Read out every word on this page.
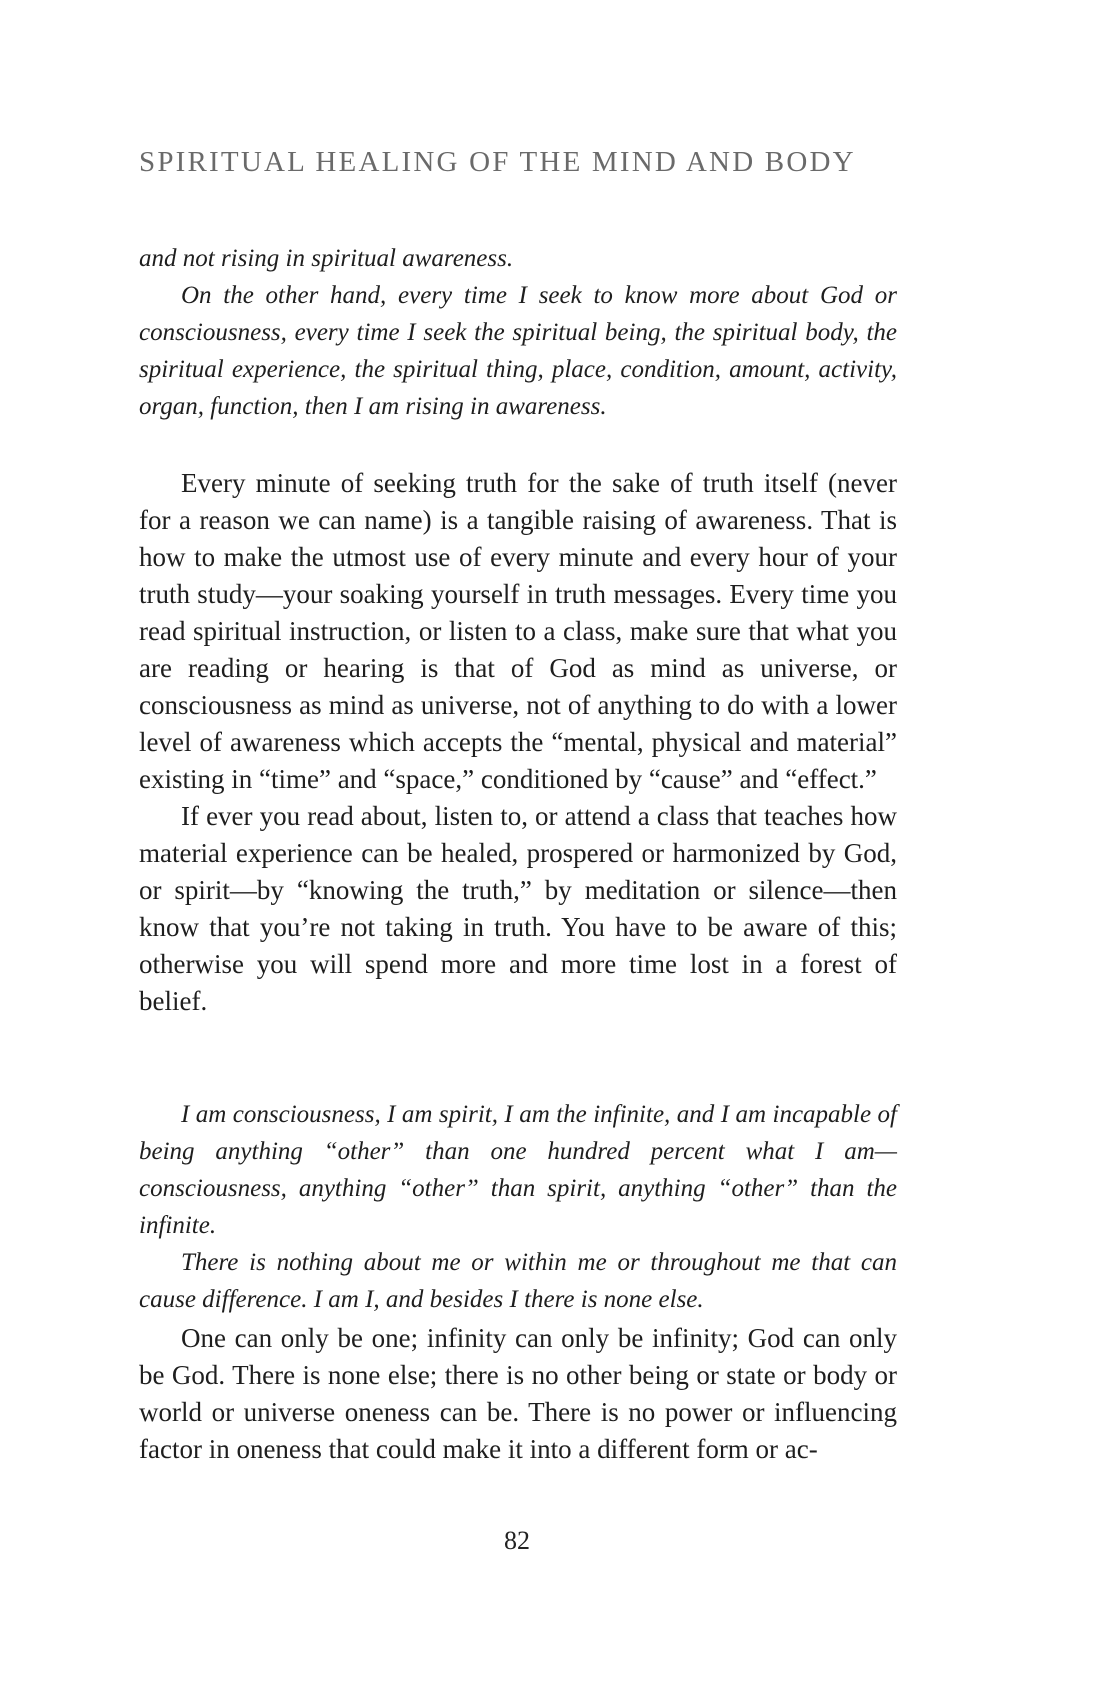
SPIRITUAL HEALING OF THE MIND AND BODY

and not rising in spiritual awareness.

On the other hand, every time I seek to know more about God or consciousness, every time I seek the spiritual being, the spiritual body, the spiritual experience, the spiritual thing, place, condition, amount, activity, organ, function, then I am rising in awareness.

Every minute of seeking truth for the sake of truth itself (never for a reason we can name) is a tangible raising of awareness. That is how to make the utmost use of every minute and every hour of your truth study—your soaking yourself in truth messages. Every time you read spiritual instruction, or listen to a class, make sure that what you are reading or hearing is that of God as mind as universe, or consciousness as mind as universe, not of anything to do with a lower level of awareness which accepts the “mental, physical and material” existing in “time” and “space,” conditioned by “cause” and “effect.”

If ever you read about, listen to, or attend a class that teaches how material experience can be healed, prospered or harmonized by God, or spirit—by “knowing the truth,” by meditation or silence—then know that you’re not taking in truth. You have to be aware of this; otherwise you will spend more and more time lost in a forest of belief.

I am consciousness, I am spirit, I am the infinite, and I am incapable of being anything “other” than one hundred percent what I am—consciousness, anything “other” than spirit, anything “other” than the infinite.

There is nothing about me or within me or throughout me that can cause difference. I am I, and besides I there is none else.

One can only be one; infinity can only be infinity; God can only be God. There is none else; there is no other being or state or body or world or universe oneness can be. There is no power or influencing factor in oneness that could make it into a different form or ac-

82
